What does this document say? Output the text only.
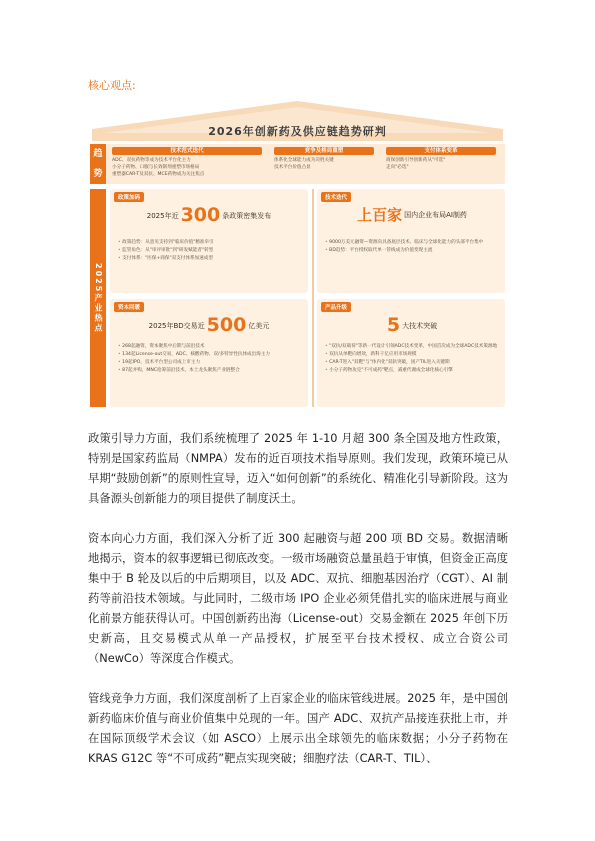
核心观点:
2026年创新药及供应链趋势研判
趋势
技术范式迭代
ADC、双抗药物等成为技术平台化主力
小分子药物、口服与长效制剂重塑市场格局
重塑器CAR-T及双抗、MCE药物成为关注焦点
竞争及格局重塑
体系化全球能力成为决胜关键
技术平台价值凸显
支付体系变革
商保创新引导创新药从"可选"
走向"必选"
2025产业热点
政策加码
2025年近 300 条政策密集发布
• 政策趋势：从意见支持到"临床价值"精准牵引
• 监管角色：从"审评审批"到"研发赋能者"转型
• 支付体系："医保+商保"双支付体系加速成型
技术迭代
上百家 国内企业布局AI制药
• 9000万美元融资—资源向具备底层技术、临床与全球化能力的头部平台集中
• BD趋势：平台授权取代单一管线成为价值变现主流
资本回暖
2025年BD交易近 500 亿美元
• 268起融资，资本聚焦中后期与前沿技术
• 134起License-out交易，ADC、核酸药物、双/多特异性抗体成出海主力
• 19起IPO，技术平台型公司成上市主力
• 87起并购，MNC抢筹前沿技术，本土龙头聚焦产业链整合
产品升级
5 大技术突破
• "双抗/双载荷"等新一代设计引领ADC技术变革，中国首次成为全球ADC技术策源地
• 双抗从单靶向增效，新科干亿应用市场规模
• CAR-T进入"双靶"与"体内化"双轨突破，国产TIL进入关键期
• 小分子药物攻克"不可成药"靶点，减重代谢成全球化核心引擎

政策引导力方面，我们系统梳理了 2025 年 1-10 月超 300 条全国及地方性政策，特别是国家药监局（NMPA）发布的近百项技术指导原则。我们发现，政策环境已从早期“鼓励创新”的原则性宣导，迈入“如何创新”的系统化、精准化引导新阶段。这为具备源头创新能力的项目提供了制度沃土。

资本向心力方面，我们深入分析了近 300 起融资与超 200 项 BD 交易。数据清晰地揭示，资本的叙事逻辑已彻底改变。一级市场融资总量虽趋于审慎，但资金正高度集中于 B 轮及以后的中后期项目，以及 ADC、双抗、细胞基因治疗（CGT）、AI 制药等前沿技术领域。与此同时，二级市场 IPO 企业必须凭借扎实的临床进展与商业化前景方能获得认可。中国创新药出海（License-out）交易金额在 2025 年创下历史新高，且交易模式从单一产品授权，扩展至平台技术授权、成立合资公司（NewCo）等深度合作模式。

管线竞争力方面，我们深度剖析了上百家企业的临床管线进展。2025 年，是中国创新药临床价值与商业价值集中兑现的一年。国产 ADC、双抗产品接连获批上市，并在国际顶级学术会议（如 ASCO）上展示出全球领先的临床数据；小分子药物在 KRAS G12C 等“不可成药”靶点实现突破；细胞疗法（CAR-T、TIL）、
